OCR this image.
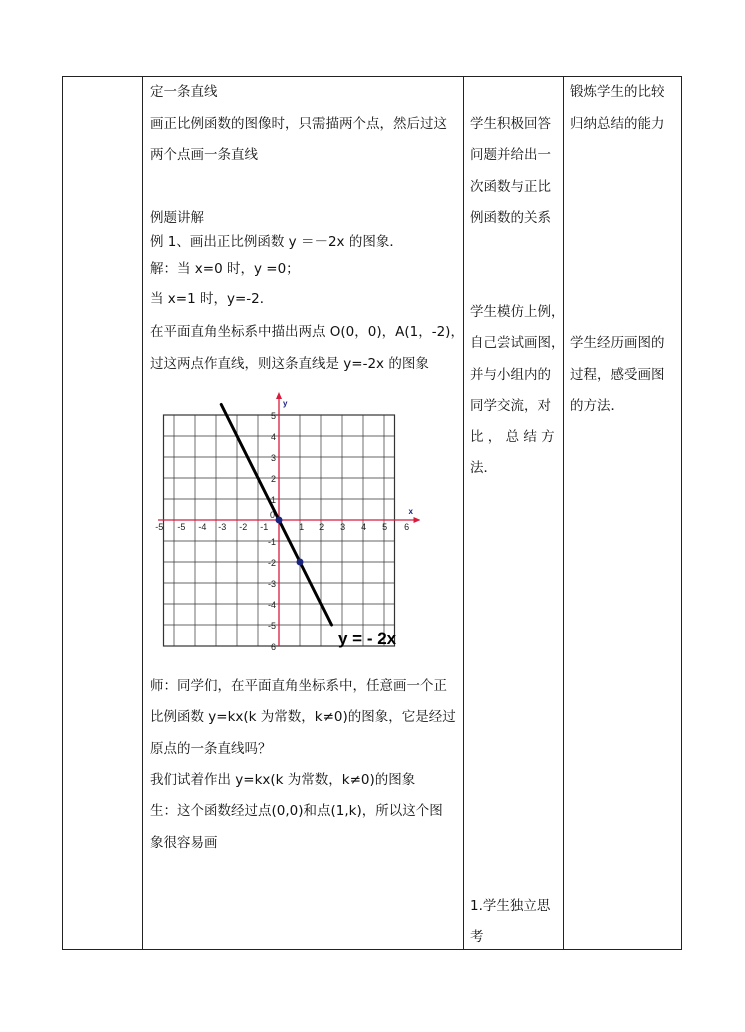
定一条直线
画正比例函数的图像时，只需描两个点，然后过这
两个点画一条直线
例题讲解
例 1、画出正比例函数 y ＝－2x 的图象．
解：当 x=0 时，y =0；
当 x=1 时，y=-2．
在平面直角坐标系中描出两点 O(0，0)，A(1，-2)，
过这两点作直线，则这条直线是 y=-2x 的图象
师：同学们，在平面直角坐标系中，任意画一个正
比例函数 y=kx(k 为常数，k≠0)的图象，它是经过
原点的一条直线吗？
我们试着作出 y=kx(k 为常数，k≠0)的图象
生：这个函数经过点(0,0)和点(1,k)，所以这个图
象很容易画
学生积极回答
问题并给出一
次函数与正比
例函数的关系
学生模仿上例，
自己尝试画图，
并与小组内的
同学交流，对
比 ， 总 结 方
法．
1.学生独立思
考
锻炼学生的比较
归纳总结的能力
学生经历画图的
过程，感受画图
的方法．
x
y
-5 -5 -4 -3 -2 -1	1 2 3 4 5 6
5
4
3
2
1
-1
-2
-3
-4
-5
6
0
y = - 2x
